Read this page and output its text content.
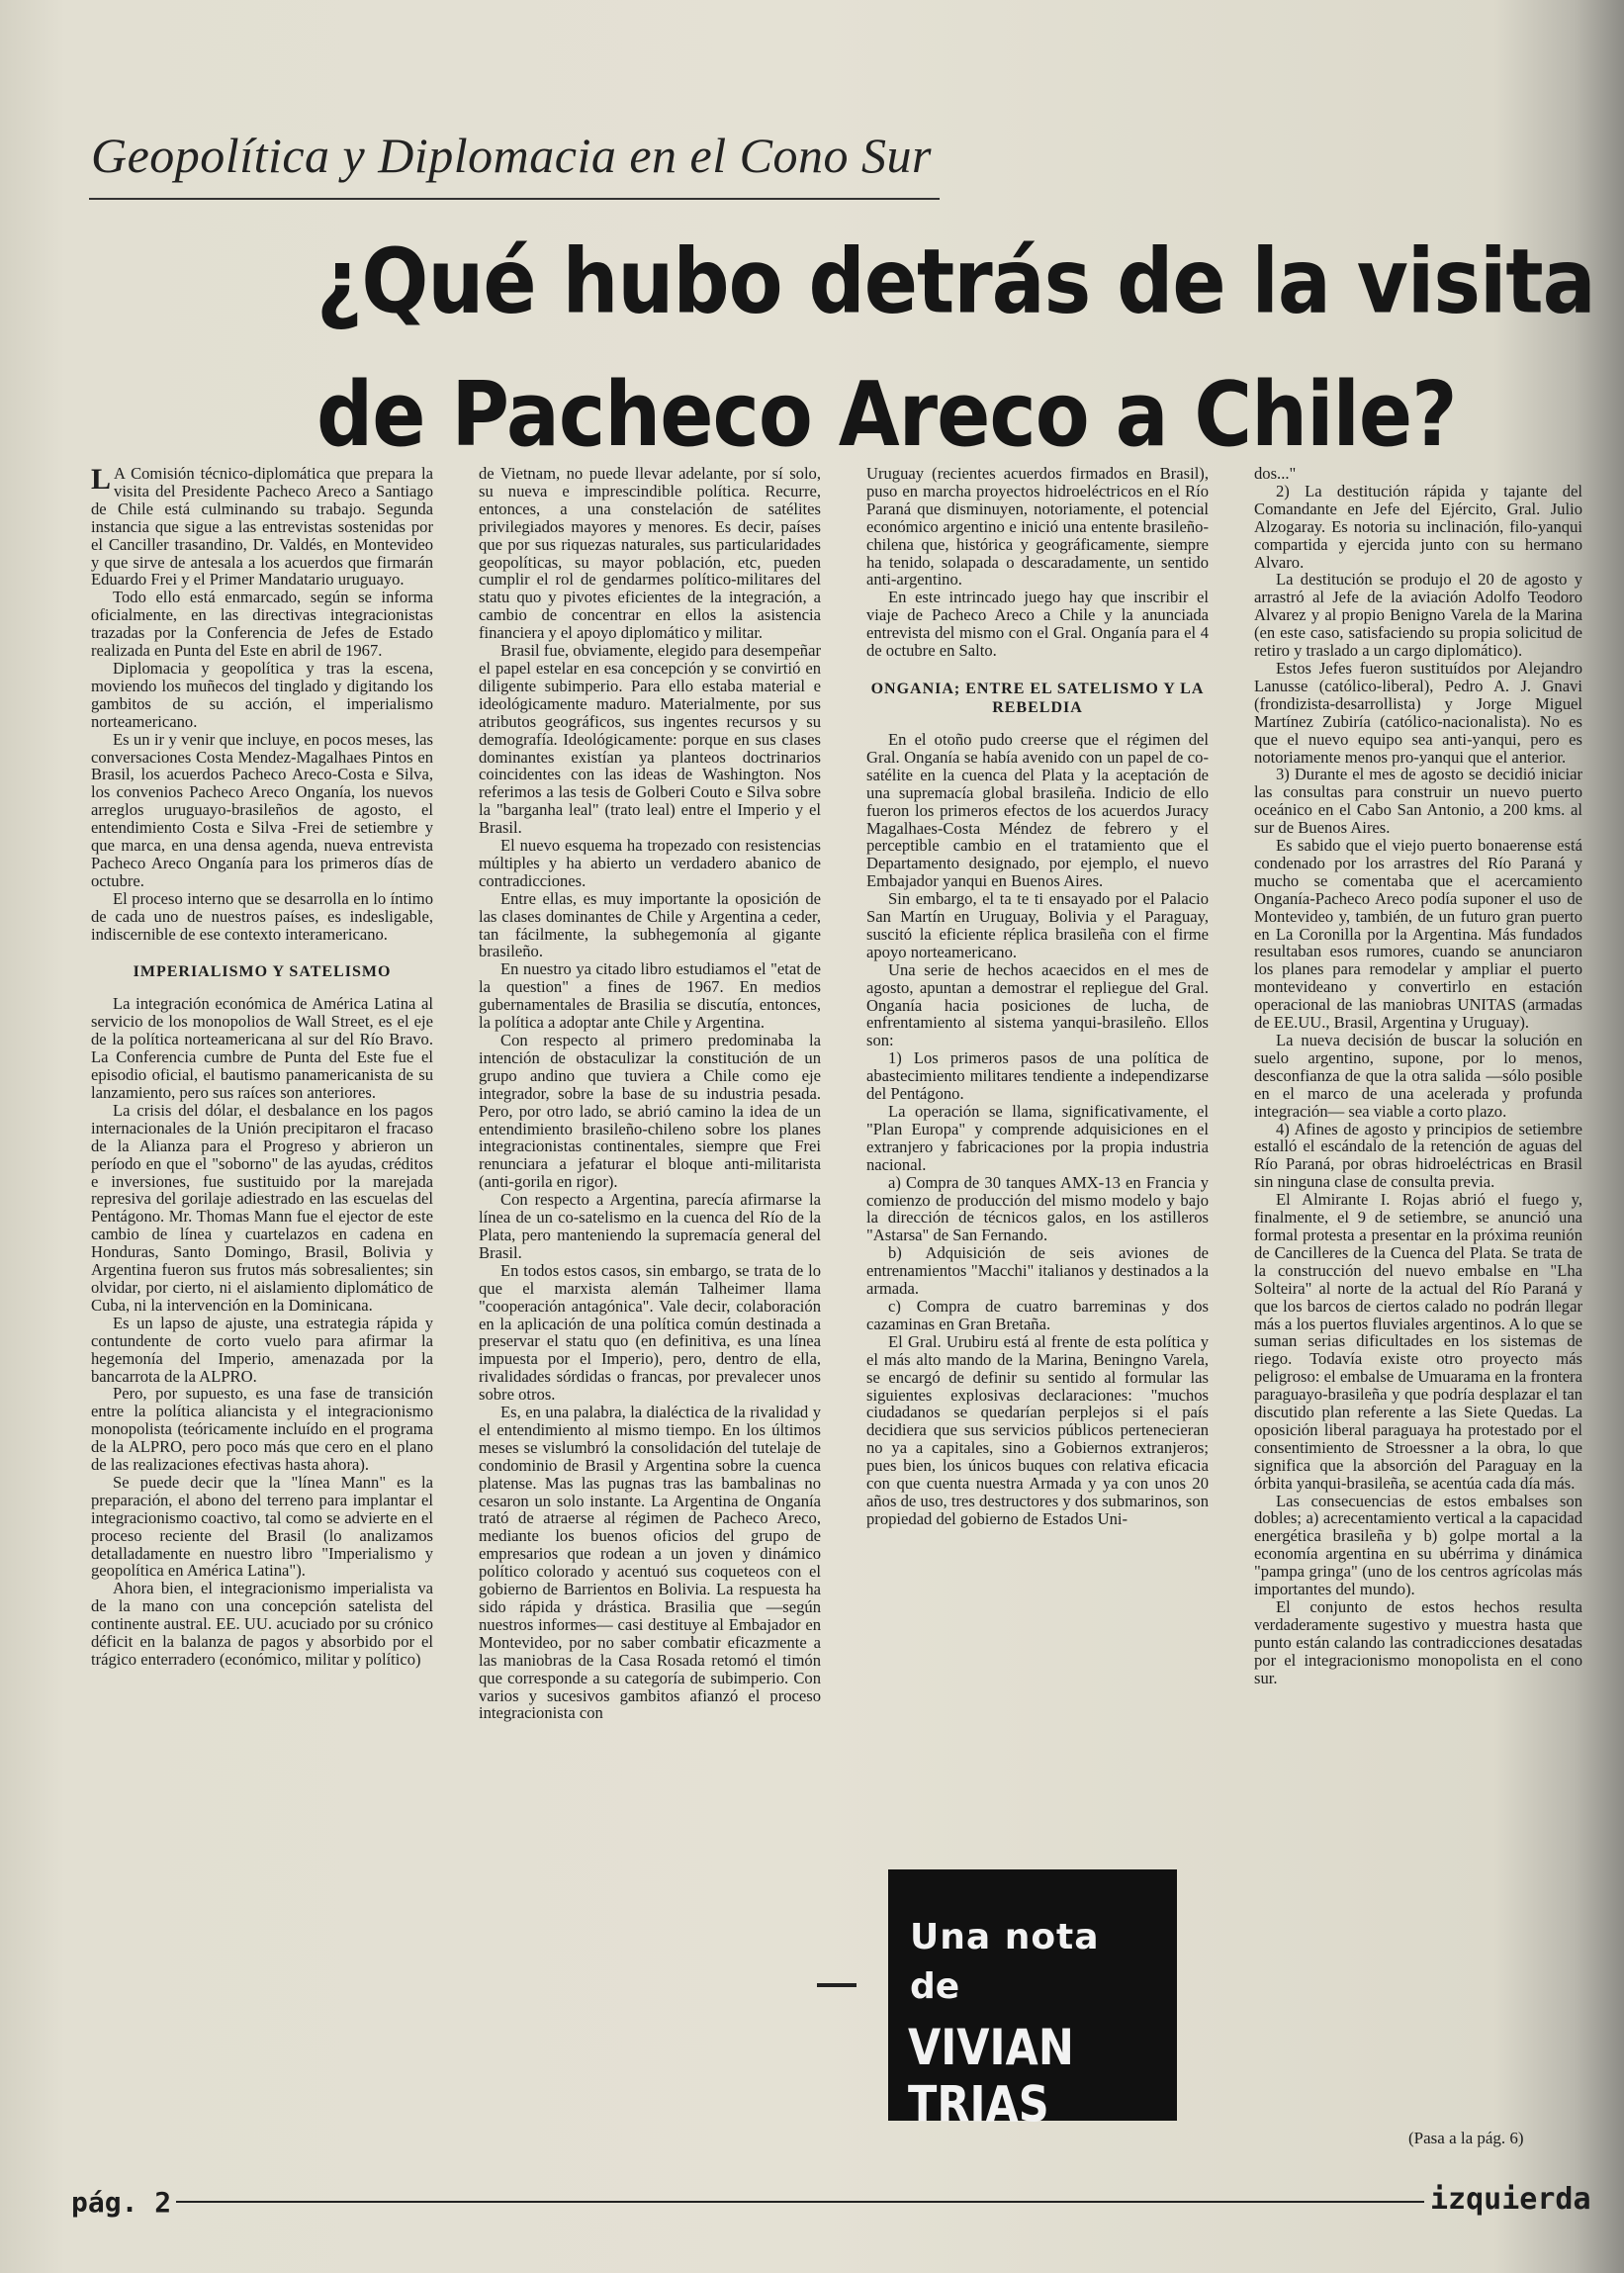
Geopolítica y Diplomacia en el Cono Sur
¿Qué hubo detrás de la visita
de Pacheco Areco a Chile?

L A Comisión técnico-diplomática que prepara la visita del Presidente Pacheco Areco a Santiago de Chile está culminando su trabajo. Segunda instancia que sigue a las entrevistas sostenidas por el Canciller trasandino, Dr. Valdés, en Montevideo y que sirve de antesala a los acuerdos que firmarán Eduardo Frei y el Primer Mandatario uruguayo.

Todo ello está enmarcado, según se informa oficialmente, en las directivas integracionistas trazadas por la Conferencia de Jefes de Estado realizada en Punta del Este en abril de 1967.

Diplomacia y geopolítica y tras la escena, moviendo los muñecos del tinglado y digitando los gambitos de su acción, el imperialismo norteamericano.

Es un ir y venir que incluye, en pocos meses, las conversaciones Costa Mendez-Magalhaes Pintos en Brasil, los acuerdos Pacheco Areco-Costa e Silva, los convenios Pacheco Areco Onganía, los nuevos arreglos uruguayo-brasileños de agosto, el entendimiento Costa e Silva -Frei de setiembre y que marca, en una densa agenda, nueva entrevista Pacheco Areco Onganía para los primeros días de octubre.

El proceso interno que se desarrolla en lo íntimo de cada uno de nuestros países, es indesligable, indiscernible de ese contexto interamericano.

IMPERIALISMO Y SATELISMO

La integración económica de América Latina al servicio de los monopolios de Wall Street, es el eje de la política norteamericana al sur del Río Bravo. La Conferencia cumbre de Punta del Este fue el episodio oficial, el bautismo panamericanista de su lanzamiento, pero sus raíces son anteriores.

La crisis del dólar, el desbalance en los pagos internacionales de la Unión precipitaron el fracaso de la Alianza para el Progreso y abrieron un período en que el "soborno" de las ayudas, créditos e inversiones, fue sustituido por la marejada represiva del gorilaje adiestrado en las escuelas del Pentágono. Mr. Thomas Mann fue el ejector de este cambio de línea y cuartelazos en cadena en Honduras, Santo Domingo, Brasil, Bolivia y Argentina fueron sus frutos más sobresalientes; sin olvidar, por cierto, ni el aislamiento diplomático de Cuba, ni la intervención en la Dominicana.

Es un lapso de ajuste, una estrategia rápida y contundente de corto vuelo para afirmar la hegemonía del Imperio, amenazada por la bancarrota de la ALPRO.

Pero, por supuesto, es una fase de transición entre la política aliancista y el integracionismo monopolista (teóricamente incluído en el programa de la ALPRO, pero poco más que cero en el plano de las realizaciones efectivas hasta ahora).

Se puede decir que la "línea Mann" es la preparación, el abono del terreno para implantar el integracionismo coactivo, tal como se advierte en el proceso reciente del Brasil (lo analizamos detalladamente en nuestro libro "Imperialismo y geopolítica en América Latina").

Ahora bien, el integracionismo imperialista va de la mano con una concepción satelista del continente austral. EE. UU. acuciado por su crónico déficit en la balanza de pagos y absorbido por el trágico enterradero (económico, militar y político)

de Vietnam, no puede llevar adelante, por sí solo, su nueva e imprescindible política. Recurre, entonces, a una constelación de satélites privilegiados mayores y menores. Es decir, países que por sus riquezas naturales, sus particularidades geopolíticas, su mayor población, etc, pueden cumplir el rol de gendarmes político-militares del statu quo y pivotes eficientes de la integración, a cambio de concentrar en ellos la asistencia financiera y el apoyo diplomático y militar.

Brasil fue, obviamente, elegido para desempeñar el papel estelar en esa concepción y se convirtió en diligente subimperio. Para ello estaba material e ideológicamente maduro. Materialmente, por sus atributos geográficos, sus ingentes recursos y su demografía. Ideológicamente: porque en sus clases dominantes existían ya planteos doctrinarios coincidentes con las ideas de Washington. Nos referimos a las tesis de Golberi Couto e Silva sobre la "barganha leal" (trato leal) entre el Imperio y el Brasil.

El nuevo esquema ha tropezado con resistencias múltiples y ha abierto un verdadero abanico de contradicciones.

Entre ellas, es muy importante la oposición de las clases dominantes de Chile y Argentina a ceder, tan fácilmente, la subhegemonía al gigante brasileño.

En nuestro ya citado libro estudiamos el "etat de la question" a fines de 1967. En medios gubernamentales de Brasilia se discutía, entonces, la política a adoptar ante Chile y Argentina.

Con respecto al primero predominaba la intención de obstaculizar la constitución de un grupo andino que tuviera a Chile como eje integrador, sobre la base de su industria pesada. Pero, por otro lado, se abrió camino la idea de un entendimiento brasileño-chileno sobre los planes integracionistas continentales, siempre que Frei renunciara a jefaturar el bloque anti-militarista (anti-gorila en rigor).

Con respecto a Argentina, parecía afirmarse la línea de un co-satelismo en la cuenca del Río de la Plata, pero manteniendo la supremacía general del Brasil.

En todos estos casos, sin embargo, se trata de lo que el marxista alemán Talheimer llama "cooperación antagónica". Vale decir, colaboración en la aplicación de una política común destinada a preservar el statu quo (en definitiva, es una línea impuesta por el Imperio), pero, dentro de ella, rivalidades sórdidas o francas, por prevalecer unos sobre otros.

Es, en una palabra, la dialéctica de la rivalidad y el entendimiento al mismo tiempo. En los últimos meses se vislumbró la consolidación del tutelaje de condominio de Brasil y Argentina sobre la cuenca platense. Mas las pugnas tras las bambalinas no cesaron un solo instante. La Argentina de Onganía trató de atraerse al régimen de Pacheco Areco, mediante los buenos oficios del grupo de empresarios que rodean a un joven y dinámico político colorado y acentuó sus coqueteos con el gobierno de Barrientos en Bolivia. La respuesta ha sido rápida y drástica. Brasilia que —según nuestros informes— casi destituye al Embajador en Montevideo, por no saber combatir eficazmente a las maniobras de la Casa Rosada retomó el timón que corresponde a su categoría de subimperio. Con varios y sucesivos gambitos afianzó el proceso integracionista con

Uruguay (recientes acuerdos firmados en Brasil), puso en marcha proyectos hidroeléctricos en el Río Paraná que disminuyen, notoriamente, el potencial económico argentino e inició una entente brasileño-chilena que, histórica y geográficamente, siempre ha tenido, solapada o descaradamente, un sentido anti-argentino.

En este intrincado juego hay que inscribir el viaje de Pacheco Areco a Chile y la anunciada entrevista del mismo con el Gral. Onganía para el 4 de octubre en Salto.

ONGANIA; ENTRE EL SATELISMO Y LA REBELDIA

En el otoño pudo creerse que el régimen del Gral. Onganía se había avenido con un papel de co-satélite en la cuenca del Plata y la aceptación de una supremacía global brasileña. Indicio de ello fueron los primeros efectos de los acuerdos Juracy Magalhaes-Costa Méndez de febrero y el perceptible cambio en el tratamiento que el Departamento designado, por ejemplo, el nuevo Embajador yanqui en Buenos Aires.

Sin embargo, el ta te ti ensayado por el Palacio San Martín en Uruguay, Bolivia y el Paraguay, suscitó la eficiente réplica brasileña con el firme apoyo norteamericano.

Una serie de hechos acaecidos en el mes de agosto, apuntan a demostrar el repliegue del Gral. Onganía hacia posiciones de lucha, de enfrentamiento al sistema yanqui-brasileño. Ellos son:

1) Los primeros pasos de una política de abastecimiento militares tendiente a independizarse del Pentágono.

La operación se llama, significativamente, el "Plan Europa" y comprende adquisiciones en el extranjero y fabricaciones por la propia industria nacional.

a) Compra de 30 tanques AMX-13 en Francia y comienzo de producción del mismo modelo y bajo la dirección de técnicos galos, en los astilleros "Astarsa" de San Fernando.

b) Adquisición de seis aviones de entrenamientos "Macchi" italianos y destinados a la armada.

c) Compra de cuatro barreminas y dos cazaminas en Gran Bretaña.

El Gral. Urubiru está al frente de esta política y el más alto mando de la Marina, Beningno Varela, se encargó de definir su sentido al formular las siguientes explosivas declaraciones: "muchos ciudadanos se quedarían perplejos si el país decidiera que sus servicios públicos pertenecieran no ya a capitales, sino a Gobiernos extranjeros; pues bien, los únicos buques con relativa eficacia con que cuenta nuestra Armada y ya con unos 20 años de uso, tres destructores y dos submarinos, son propiedad del gobierno de Estados Uni-

dos..."

2) La destitución rápida y tajante del Comandante en Jefe del Ejército, Gral. Julio Alzogaray. Es notoria su inclinación, filo-yanqui compartida y ejercida junto con su hermano Alvaro.

La destitución se produjo el 20 de agosto y arrastró al Jefe de la aviación Adolfo Teodoro Alvarez y al propio Benigno Varela de la Marina (en este caso, satisfaciendo su propia solicitud de retiro y traslado a un cargo diplomático).

Estos Jefes fueron sustituídos por Alejandro Lanusse (católico-liberal), Pedro A. J. Gnavi (frondizista-desarrollista) y Jorge Miguel Martínez Zubiría (católico-nacionalista). No es que el nuevo equipo sea anti-yanqui, pero es notoriamente menos pro-yanqui que el anterior.

3) Durante el mes de agosto se decidió iniciar las consultas para construir un nuevo puerto oceánico en el Cabo San Antonio, a 200 kms. al sur de Buenos Aires.

Es sabido que el viejo puerto bonaerense está condenado por los arrastres del Río Paraná y mucho se comentaba que el acercamiento Onganía-Pacheco Areco podía suponer el uso de Montevideo y, también, de un futuro gran puerto en La Coronilla por la Argentina. Más fundados resultaban esos rumores, cuando se anunciaron los planes para remodelar y ampliar el puerto montevideano y convertirlo en estación operacional de las maniobras UNITAS (armadas de EE.UU., Brasil, Argentina y Uruguay).

La nueva decisión de buscar la solución en suelo argentino, supone, por lo menos, desconfianza de que la otra salida —sólo posible en el marco de una acelerada y profunda integración— sea viable a corto plazo.

4) Afines de agosto y principios de setiembre estalló el escándalo de la retención de aguas del Río Paraná, por obras hidroeléctricas en Brasil sin ninguna clase de consulta previa.

El Almirante I. Rojas abrió el fuego y, finalmente, el 9 de setiembre, se anunció una formal protesta a presentar en la próxima reunión de Cancilleres de la Cuenca del Plata. Se trata de la construcción del nuevo embalse en "Lha Solteira" al norte de la actual del Río Paraná y que los barcos de ciertos calado no podrán llegar más a los puertos fluviales argentinos. A lo que se suman serias dificultades en los sistemas de riego. Todavía existe otro proyecto más peligroso: el embalse de Umuarama en la frontera paraguayo-brasileña y que podría desplazar el tan discutido plan referente a las Siete Quedas. La oposición liberal paraguaya ha protestado por el consentimiento de Stroessner a la obra, lo que significa que la absorción del Paraguay en la órbita yanqui-brasileña, se acentúa cada día más.

Las consecuencias de estos embalses son dobles; a) acrecentamiento vertical a la capacidad energética brasileña y b) golpe mortal a la economía argentina en su ubérrima y dinámica "pampa gringa" (uno de los centros agrícolas más importantes del mundo).

El conjunto de estos hechos resulta verdaderamente sugestivo y muestra hasta que punto están calando las contradicciones desatadas por el integracionismo monopolista en el cono sur.

(Pasa a la pág. 6)
Una nota
de
VIVIAN TRIAS
pág. 2	izquierda
